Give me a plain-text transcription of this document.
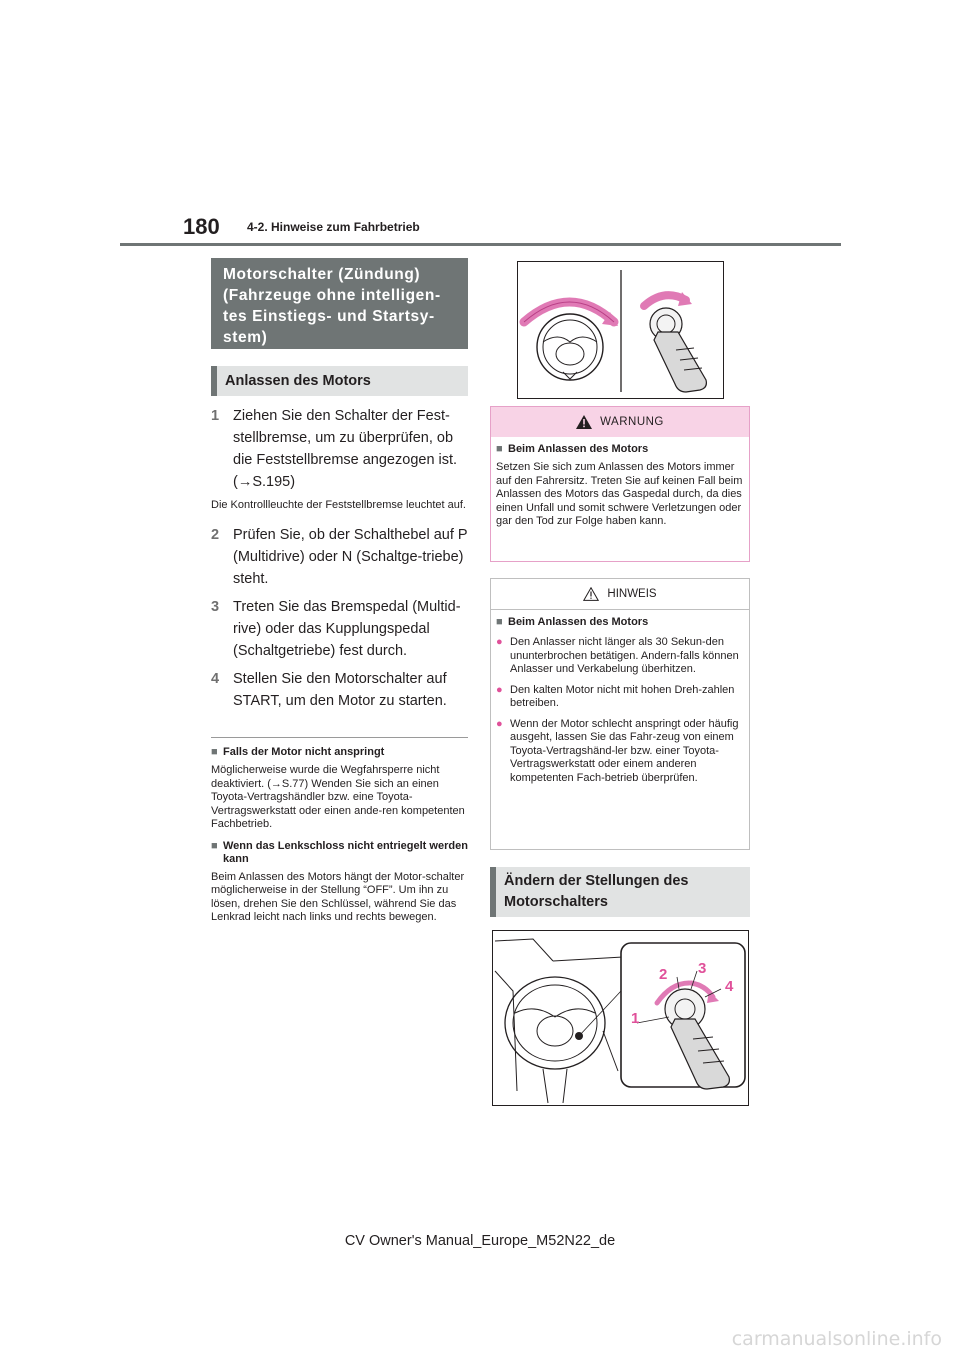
180 4-2. Hinweise zum Fahrbetrieb
Motorschalter (Zündung) (Fahrzeuge ohne intelligen-tes Einstiegs- und Startsy-stem)
Anlassen des Motors
1 Ziehen Sie den Schalter der Fest-stellbremse, um zu überprüfen, ob die Feststellbremse angezogen ist. (→S.195)
Die Kontrollleuchte der Feststellbremse leuchtet auf.
2 Prüfen Sie, ob der Schalthebel auf P (Multidrive) oder N (Schaltge-triebe) steht.
3 Treten Sie das Bremspedal (Multid-rive) oder das Kupplungspedal (Schaltgetriebe) fest durch.
4 Stellen Sie den Motorschalter auf START, um den Motor zu starten.
■ Falls der Motor nicht anspringt
Möglicherweise wurde die Wegfahrsperre nicht deaktiviert. (→S.77) Wenden Sie sich an einen Toyota-Vertragshändler bzw. eine Toyota-Vertragswerkstatt oder einen ande-ren kompetenten Fachbetrieb.
■ Wenn das Lenkschloss nicht entriegelt werden kann
Beim Anlassen des Motors hängt der Motor-schalter möglicherweise in der Stellung “OFF”. Um ihn zu lösen, drehen Sie den Schlüssel, während Sie das Lenkrad leicht nach links und rechts bewegen.
WARNUNG
■ Beim Anlassen des Motors

Setzen Sie sich zum Anlassen des Motors immer auf den Fahrersitz. Treten Sie auf keinen Fall beim Anlassen des Motors das Gaspedal durch, da dies einen Unfall und somit schwere Verletzungen oder gar den Tod zur Folge haben kann.

HINWEIS
■ Beim Anlassen des Motors
● Den Anlasser nicht länger als 30 Sekun-den ununterbrochen betätigen. Andern-falls können Anlasser und Verkabelung überhitzen.
● Den kalten Motor nicht mit hohen Dreh-zahlen betreiben.
● Wenn der Motor schlecht anspringt oder häufig ausgeht, lassen Sie das Fahr-zeug von einem Toyota-Vertragshänd-ler bzw. einer Toyota-Vertragswerkstatt oder einem anderen kompetenten Fach-betrieb überprüfen.
Ändern der Stellungen des Motorschalters
1
2 3
4
CV Owner's Manual_Europe_M52N22_de
carmanualsonline.info
